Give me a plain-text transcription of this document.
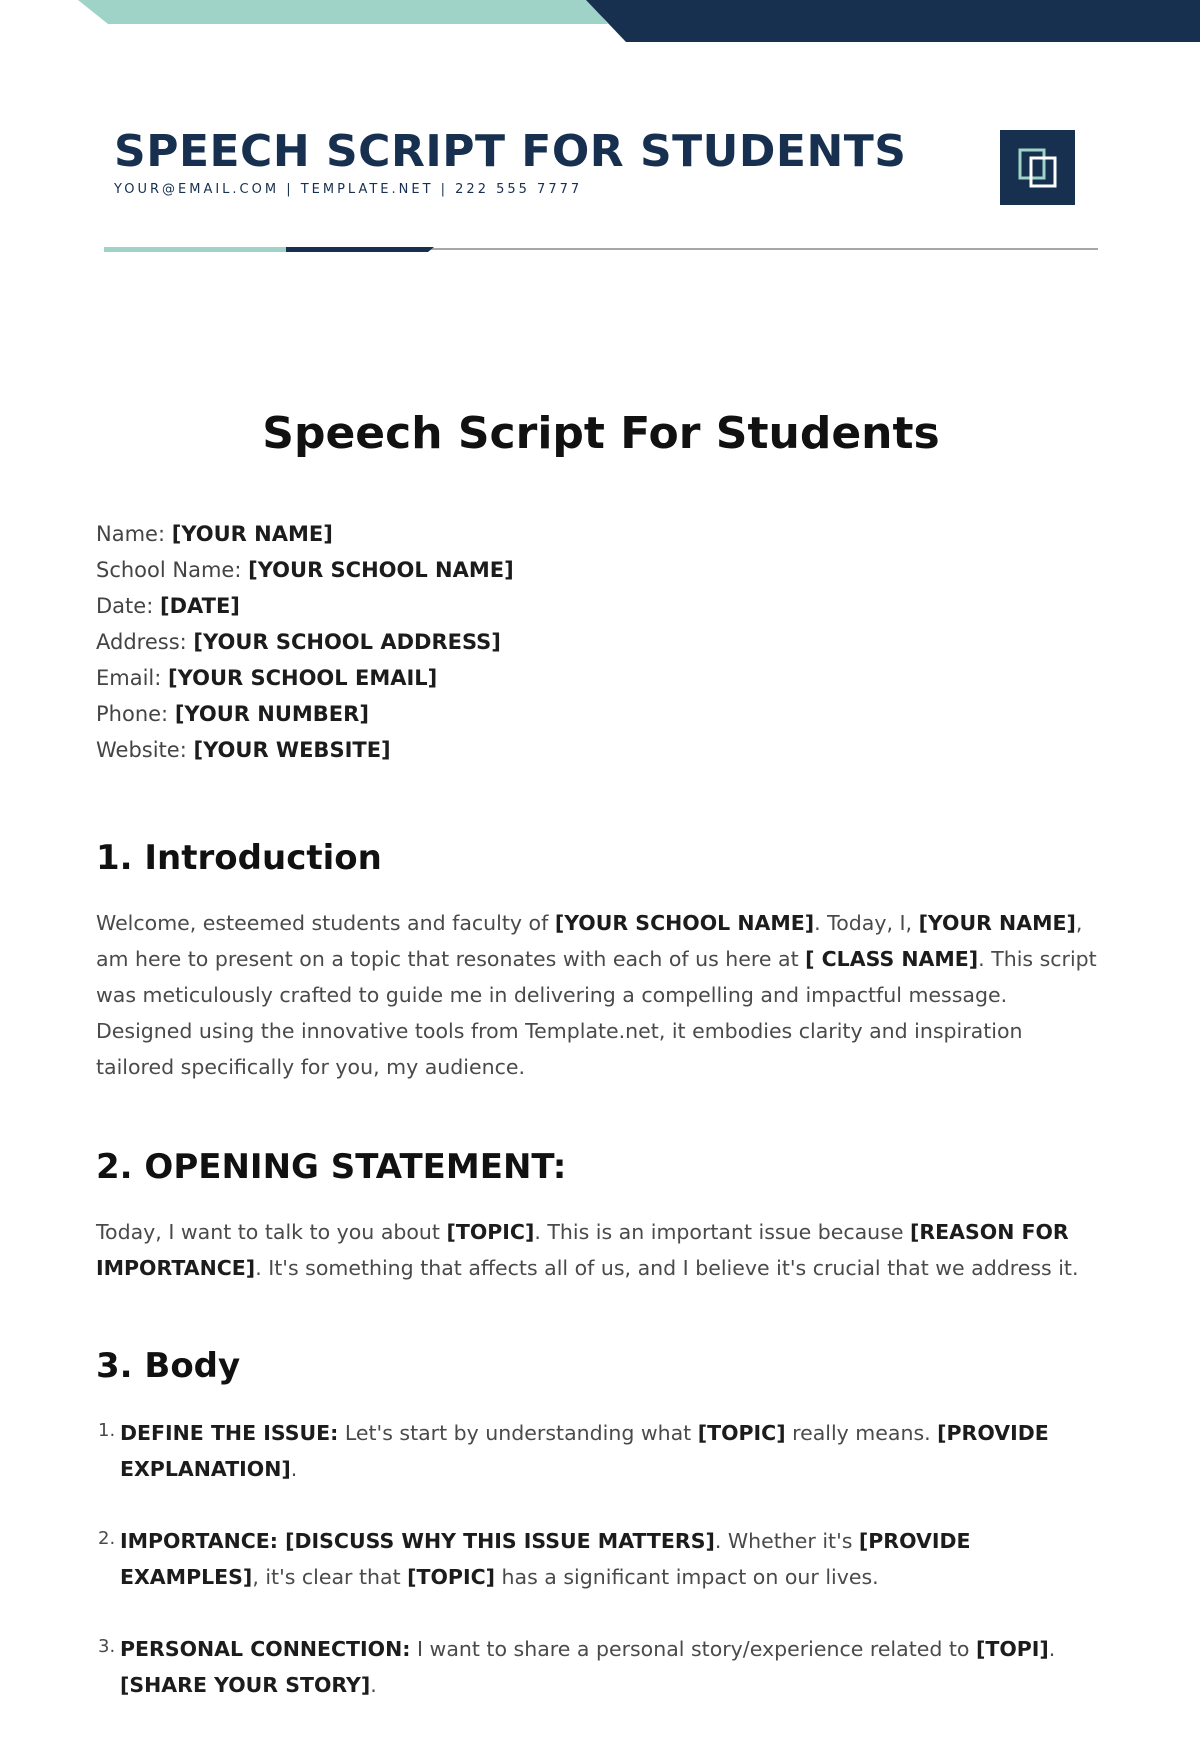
SPEECH SCRIPT FOR STUDENTS
YOUR@EMAIL.COM | TEMPLATE.NET | 222 555 7777
Speech Script For Students
Name: [YOUR NAME]
School Name: [YOUR SCHOOL NAME]
Date: [DATE]
Address: [YOUR SCHOOL ADDRESS]
Email: [YOUR SCHOOL EMAIL]
Phone: [YOUR NUMBER]
Website: [YOUR WEBSITE]
1. Introduction

Welcome, esteemed students and faculty of [YOUR SCHOOL NAME]. Today, I, [YOUR NAME], am here to present on a topic that resonates with each of us here at [ CLASS NAME]. This script was meticulously crafted to guide me in delivering a compelling and impactful message. Designed using the innovative tools from Template.net, it embodies clarity and inspiration tailored specifically for you, my audience.

2. OPENING STATEMENT:

Today, I want to talk to you about [TOPIC]. This is an important issue because [REASON FOR IMPORTANCE]. It's something that affects all of us, and I believe it's crucial that we address it.

3. Body
1. DEFINE THE ISSUE: Let's start by understanding what [TOPIC] really means. [PROVIDE EXPLANATION].
2. IMPORTANCE: [DISCUSS WHY THIS ISSUE MATTERS]. Whether it's [PROVIDE EXAMPLES], it's clear that [TOPIC] has a significant impact on our lives.
3. PERSONAL CONNECTION: I want to share a personal story/experience related to [TOPI]. [SHARE YOUR STORY].
